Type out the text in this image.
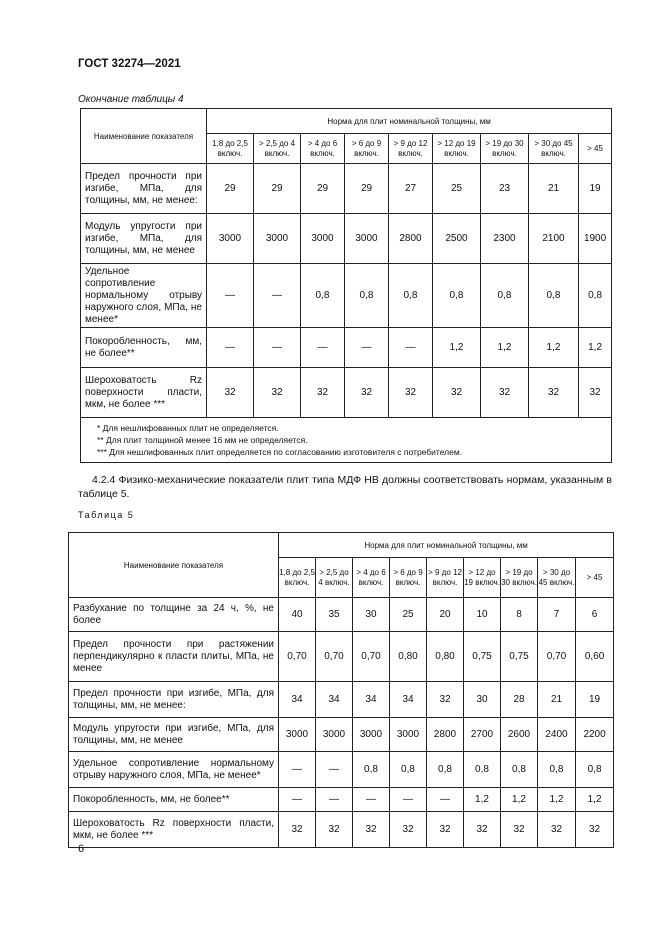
ГОСТ 32274—2021
Окончание таблицы 4
Наименование показателя	Норма для плит номинальной толщины, мм								
	1,8 до 2,5 включ.	> 2,5 до 4 включ.	> 4 до 6 включ.	> 6 до 9 включ.	> 9 до 12 включ.	> 12 до 19 включ.	> 19 до 30 включ.	> 30 до 45 включ.	> 45
Предел прочности при изгибе, МПа, для толщины, мм, не менее:	29	29	29	29	27	25	23	21	19
Модуль упругости при изгибе, МПа, для толщины, мм, не менее	3000	3000	3000	3000	2800	2500	2300	2100	1900
Удельное сопротивление нормальному отрыву наружного слоя, МПа, не менее*	—	—	0,8	0,8	0,8	0,8	0,8	0,8	0,8
Покоробленность, мм, не более**	—	—	—	—	—	1,2	1,2	1,2	1,2
Шероховатость Rz поверхности пласти, мкм, не более ***	32	32	32	32	32	32	32	32	32

* Для нешлифованных плит не определяется.
** Для плит толщиной менее 16 мм не определяется.
*** Для нешлифованных плит определяется по согласованию изготовителя с потребителем.									

4.2.4 Физико-механические показатели плит типа МДФ НВ должны соответствовать нормам, указанным в таблице 5.

Таблица 5
Наименование показателя	Норма для плит номинальной толщины, мм								
	1,8 до 2,5 включ.	> 2,5 до 4 включ.	> 4 до 6 включ.	> 6 до 9 включ.	> 9 до 12 включ.	> 12 до 19 включ.	> 19 до 30 включ.	> 30 до 45 включ.	> 45
Разбухание по толщине за 24 ч, %, не более	40	35	30	25	20	10	8	7	6
Предел прочности при растяжении перпендикулярно к пласти плиты, МПа, не менее	0,70	0,70	0,70	0,80	0,80	0,75	0,75	0,70	0,60
Предел прочности при изгибе, МПа, для толщины, мм, не менее:	34	34	34	34	32	30	28	21	19
Модуль упругости при изгибе, МПа, для толщины, мм, не менее	3000	3000	3000	3000	2800	2700	2600	2400	2200
Удельное сопротивление нормальному отрыву наружного слоя, МПа, не менее*	—	—	0,8	0,8	0,8	0,8	0,8	0,8	0,8
Покоробленность, мм, не более**	—	—	—	—	—	1,2	1,2	1,2	1,2
Шероховатость Rz поверхности пласти, мкм, не более ***	32	32	32	32	32	32	32	32	32
6
